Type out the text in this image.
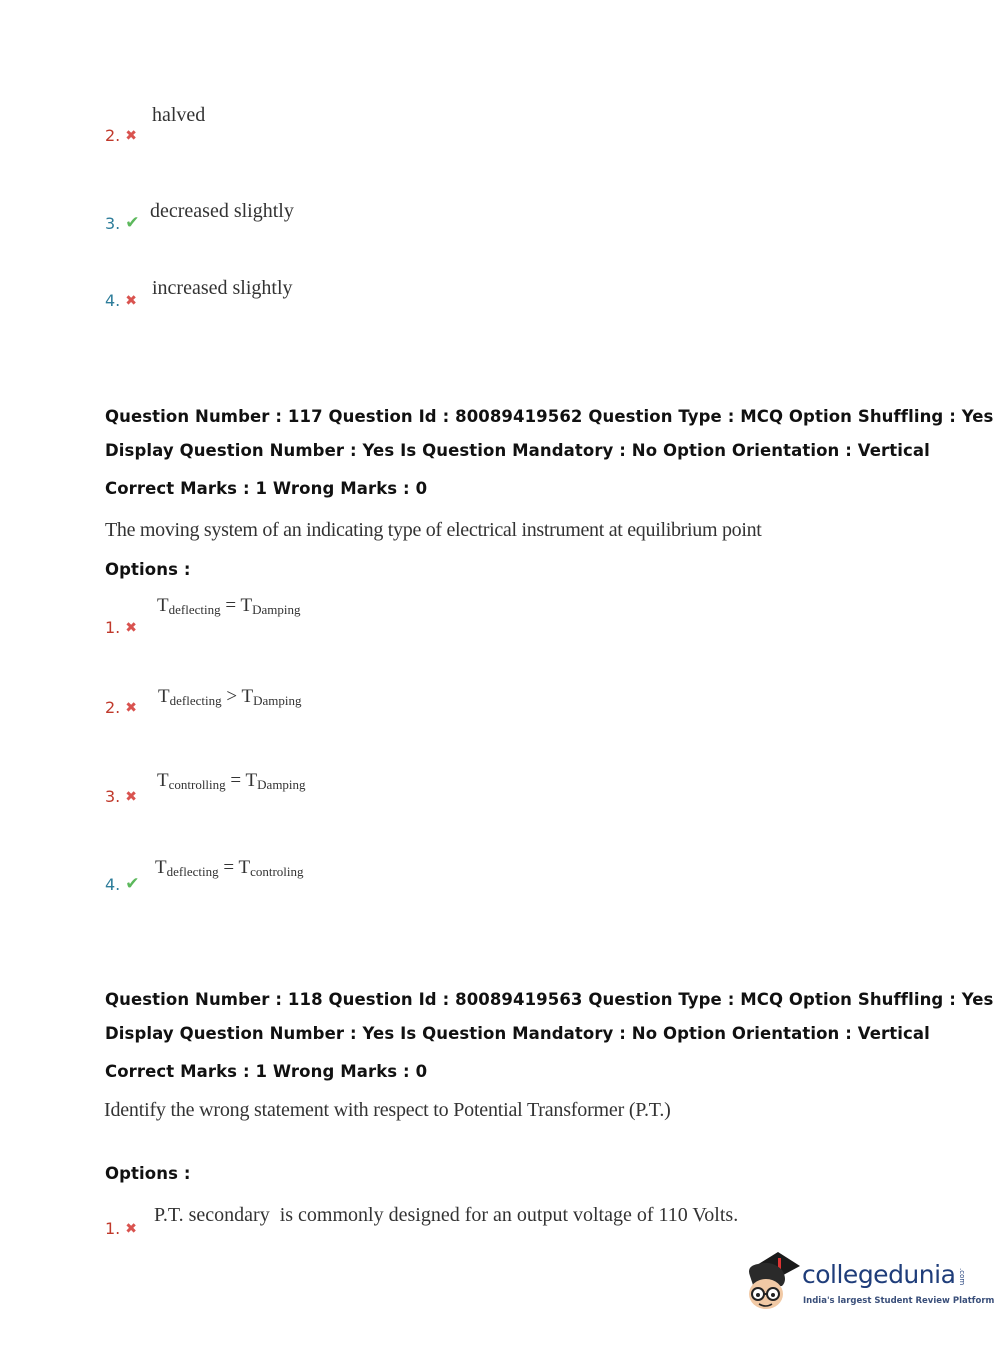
2. ✖
halved
3. ✔
decreased slightly
4. ✖
increased slightly
Question Number : 117 Question Id : 80089419562 Question Type : MCQ Option Shuffling : Yes
Display Question Number : Yes Is Question Mandatory : No Option Orientation : Vertical
Correct Marks : 1 Wrong Marks : 0
The moving system of an indicating type of electrical instrument at equilibrium point
Options :
1. ✖
$T_{deflecting} = T_{Damping}$
2. ✖
$T_{deflecting} > T_{Damping}$
3. ✖
$T_{controlling} = T_{Damping}$
4. ✔
$T_{deflecting} = T_{controling}$
Question Number : 118 Question Id : 80089419563 Question Type : MCQ Option Shuffling : Yes
Display Question Number : Yes Is Question Mandatory : No Option Orientation : Vertical
Correct Marks : 1 Wrong Marks : 0
Identify the wrong statement with respect to Potential Transformer (P.T.)
Options :
1. ✖
P.T. secondary  is commonly designed for an output voltage of 110 Volts.
collegedunia .com
India's largest Student Review Platform
